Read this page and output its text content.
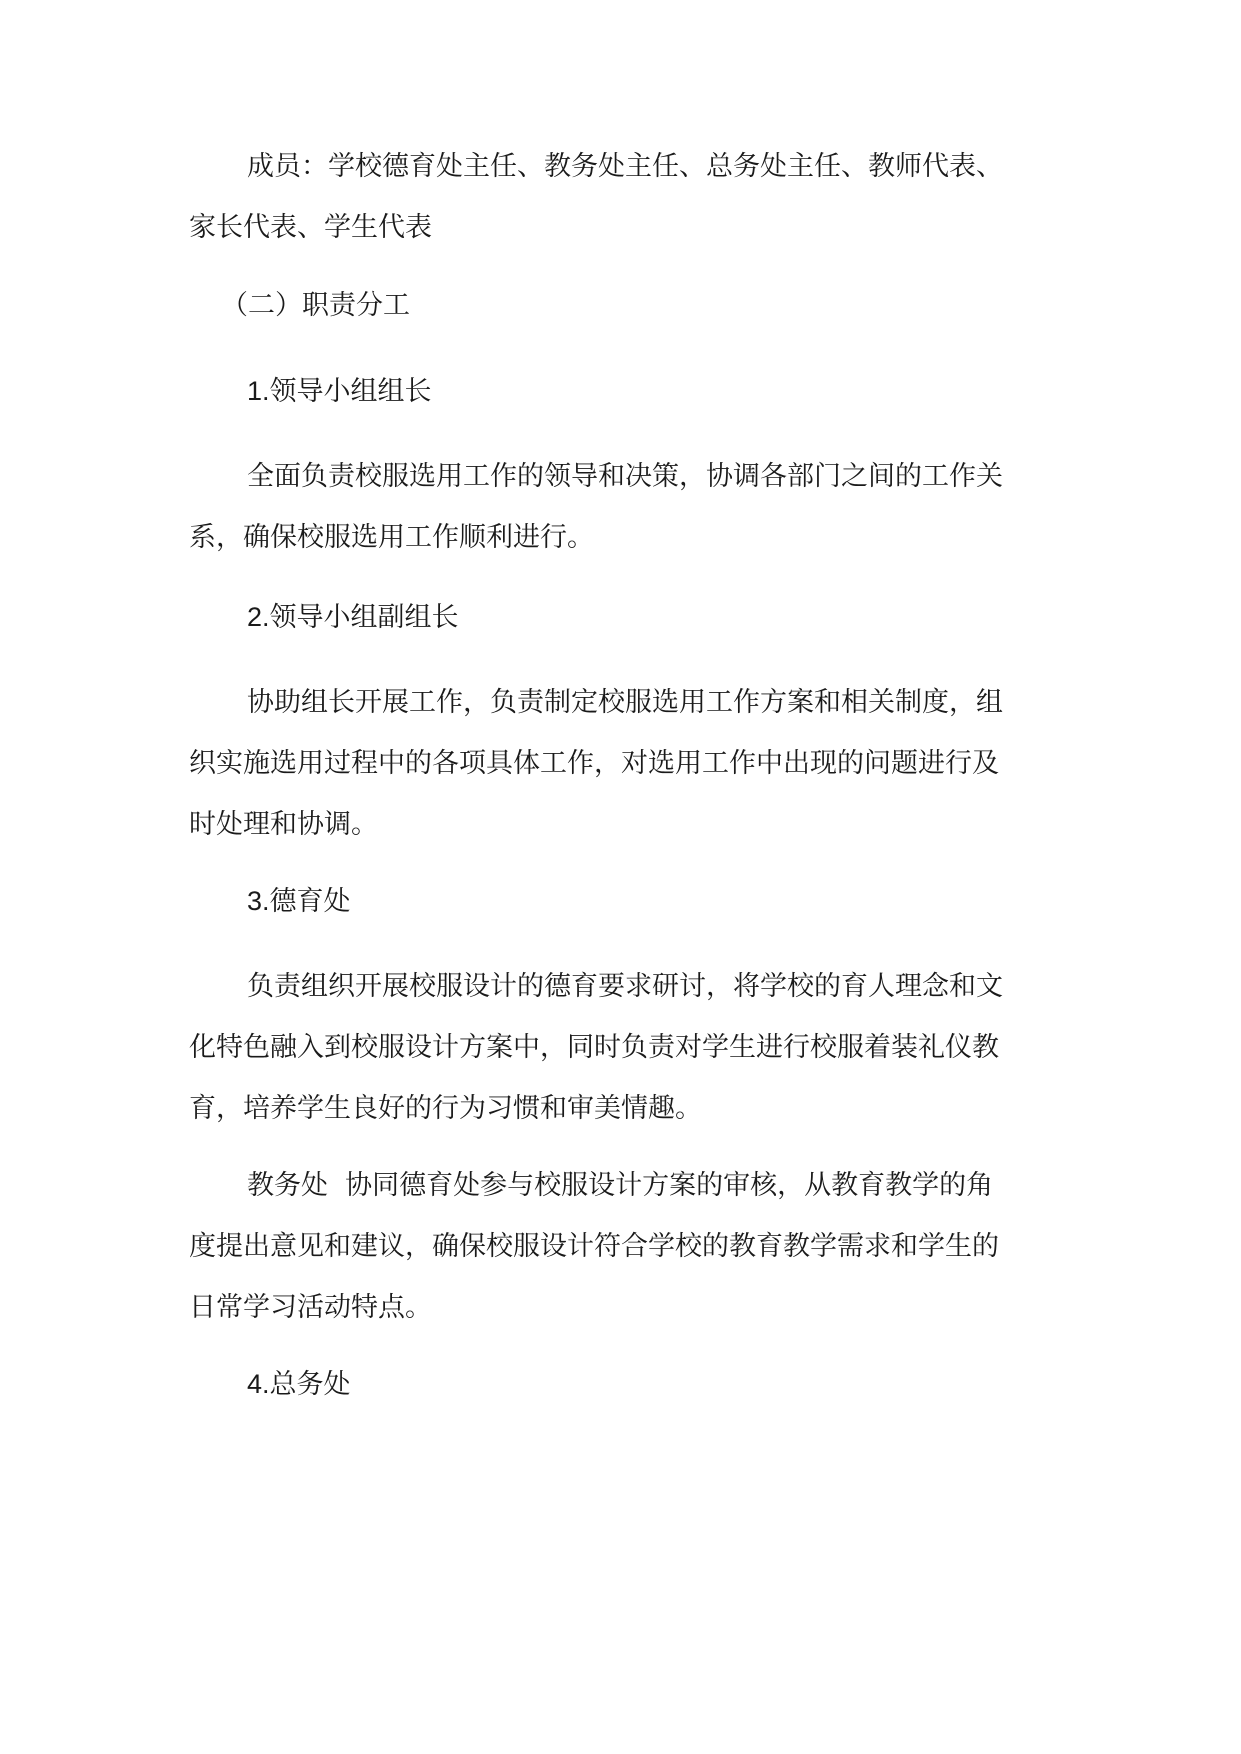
成员：学校德育处主任、教务处主任、总务处主任、教师代表、
家长代表、学生代表

（二）职责分工

1.领导小组组长

全面负责校服选用工作的领导和决策，协调各部门之间的工作关
系，确保校服选用工作顺利进行。

2.领导小组副组长

协助组长开展工作，负责制定校服选用工作方案和相关制度，组
织实施选用过程中的各项具体工作，对选用工作中出现的问题进行及
时处理和协调。

3.德育处

负责组织开展校服设计的德育要求研讨，将学校的育人理念和文
化特色融入到校服设计方案中，同时负责对学生进行校服着装礼仪教
育，培养学生良好的行为习惯和审美情趣。

教务处  协同德育处参与校服设计方案的审核，从教育教学的角
度提出意见和建议，确保校服设计符合学校的教育教学需求和学生的
日常学习活动特点。

4.总务处
